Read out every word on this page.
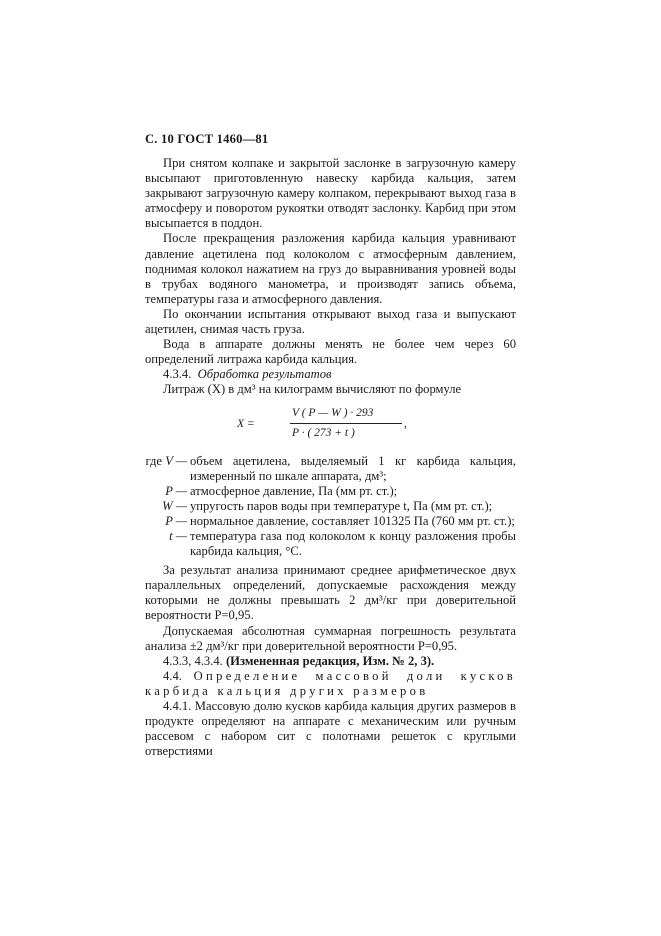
С. 10 ГОСТ 1460—81

При снятом колпаке и закрытой заслонке в загрузочную камеру высыпают приготовленную навеску карбида кальция, затем закрывают загрузочную камеру колпаком, перекрывают выход газа в атмосферу и поворотом рукоятки отводят заслонку. Карбид при этом высыпается в поддон.

После прекращения разложения карбида кальция уравнивают давление ацетилена под колоколом с атмосферным давлением, поднимая колокол нажатием на груз до выравнивания уровней воды в трубах водяного манометра, и производят запись объема, температуры газа и атмосферного давления.

По окончании испытания открывают выход газа и выпускают ацетилен, снимая часть груза.

Вода в аппарате должны менять не более чем через 60 определений литража карбида кальция.

4.3.4. Обработка результатов

Литраж (X) в дм³ на килограмм вычисляют по формуле

X =
V ( P — W ) · 293
P · ( 273 + t )
,
где V — объем ацетилена, выделяемый 1 кг карбида кальция, измеренный по шкале аппарата, дм³;
P — атмосферное давление, Па (мм рт. ст.);
W — упругость паров воды при температуре t, Па (мм рт. ст.);
P — нормальное давление, составляет 101325 Па (760 мм рт. ст.);
t — температура газа под колоколом к концу разложения пробы карбида кальция, °С.

За результат анализа принимают среднее арифметическое двух параллельных определений, допускаемые расхождения между которыми не должны превышать 2 дм³/кг при доверительной вероятности P=0,95.

Допускаемая абсолютная суммарная погрешность результата анализа ±2 дм³/кг при доверительной вероятности P=0,95.

4.3.3, 4.3.4. (Измененная редакция, Изм. № 2, 3).

4.4. Определение массовой доли кусков карбида кальция других размеров

4.4.1. Массовую долю кусков карбида кальция других размеров в продукте определяют на аппарате с механическим или ручным рассевом с набором сит с полотнами решеток с круглыми отверстиями
